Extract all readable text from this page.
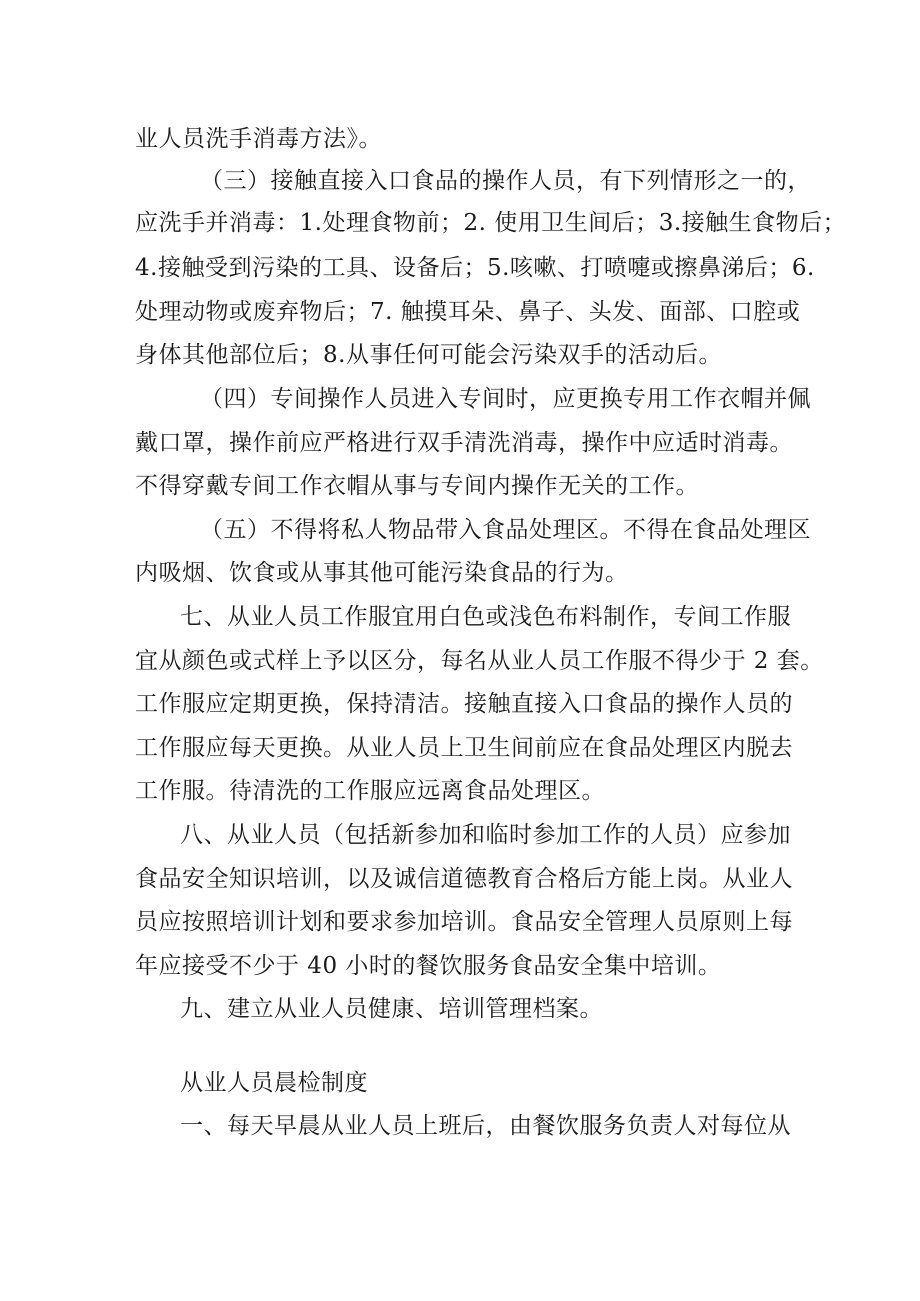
业人员洗手消毒方法》。
（三）接触直接入口食品的操作人员，有下列情形之一的，
应洗手并消毒：1.处理食物前；2. 使用卫生间后；3.接触生食物后；
4.接触受到污染的工具、设备后；5.咳嗽、打喷嚏或擦鼻涕后；6.
处理动物或废弃物后；7. 触摸耳朵、鼻子、头发、面部、口腔或
身体其他部位后；8.从事任何可能会污染双手的活动后。
（四）专间操作人员进入专间时，应更换专用工作衣帽并佩
戴口罩，操作前应严格进行双手清洗消毒，操作中应适时消毒。
不得穿戴专间工作衣帽从事与专间内操作无关的工作。
（五）不得将私人物品带入食品处理区。不得在食品处理区
内吸烟、饮食或从事其他可能污染食品的行为。
七、从业人员工作服宜用白色或浅色布料制作，专间工作服
宜从颜色或式样上予以区分，每名从业人员工作服不得少于 2 套。
工作服应定期更换，保持清洁。接触直接入口食品的操作人员的
工作服应每天更换。从业人员上卫生间前应在食品处理区内脱去
工作服。待清洗的工作服应远离食品处理区。
八、从业人员（包括新参加和临时参加工作的人员）应参加
食品安全知识培训，以及诚信道德教育合格后方能上岗。从业人
员应按照培训计划和要求参加培训。食品安全管理人员原则上每
年应接受不少于 40 小时的餐饮服务食品安全集中培训。
九、建立从业人员健康、培训管理档案。
从业人员晨检制度
一、每天早晨从业人员上班后，由餐饮服务负责人对每位从
